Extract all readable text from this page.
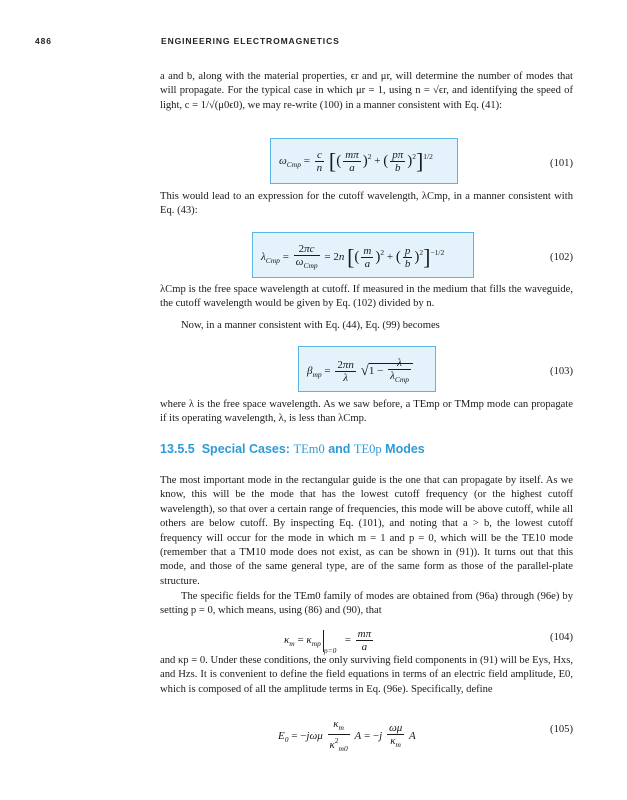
486	ENGINEERING ELECTROMAGNETICS

a and b, along with the material properties, ϵr and μr, will determine the number of modes that will propagate. For the typical case in which μr = 1, using n = √ϵr, and identifying the speed of light, c = 1/√(μ0ϵ0), we may re-write (100) in a manner consistent with Eq. (41):

$\omega_{Cmp} = \frac{c}{n}$ [( $\frac{m\pi}{a} )^2$ + ( $\frac{p\pi}{b} )^2]^{1/2}$
(101)

This would lead to an expression for the cutoff wavelength, λCmp, in a manner consistent with Eq. (43):

$\lambda_{Cmp} = \frac{2\pi c}{\omega_{Cmp}} = 2n$ [( $\frac{m}{a} )^2$ + ( $\frac{p}{b} )^2]^{-1/2}$	(102)

λCmp is the free space wavelength at cutoff. If measured in the medium that fills the waveguide, the cutoff wavelength would be given by Eq. (102) divided by n.

Now, in a manner consistent with Eq. (44), Eq. (99) becomes

$\beta_{mp} = \frac{2\pi n}{\lambda} √1 - \frac{\lambda}{\lambda_{Cmp}}$	(103)

where λ is the free space wavelength. As we saw before, a TEmp or TMmp mode can propagate if its operating wavelength, λ, is less than λCmp.

13.5.5 Special Cases: TEm0 and TE0p Modes

The most important mode in the rectangular guide is the one that can propagate by itself. As we know, this will be the mode that has the lowest cutoff frequency (or the highest cutoff wavelength), so that over a certain range of frequencies, this mode will be above cutoff, while all others are below cutoff. By inspecting Eq. (101), and noting that a > b, the lowest cutoff frequency will occur for the mode in which m = 1 and p = 0, which will be the TE10 mode (remember that a TM10 mode does not exist, as can be shown in (91)). It turns out that this mode, and those of the same general type, are of the same form as those of the parallel-plate structure.

The specific fields for the TEm0 family of modes are obtained from (96a) through (96e) by setting p = 0, which means, using (86) and (90), that

$\kappa_m = \kappa_{mpp=0} = \frac{m\pi}{a}$	(104)

and κp = 0. Under these conditions, the only surviving field components in (91) will be Eys, Hxs, and Hzs. It is convenient to define the field equations in terms of an electric field amplitude, E0, which is composed of all the amplitude terms in Eq. (96e). Specifically, define

$E_0 = -j\omega\mu \frac{\kappa_m}{\kappa^2_{m0}}$ $A = -j \frac{\omega\mu}{\kappa_m}$ A
(105)
